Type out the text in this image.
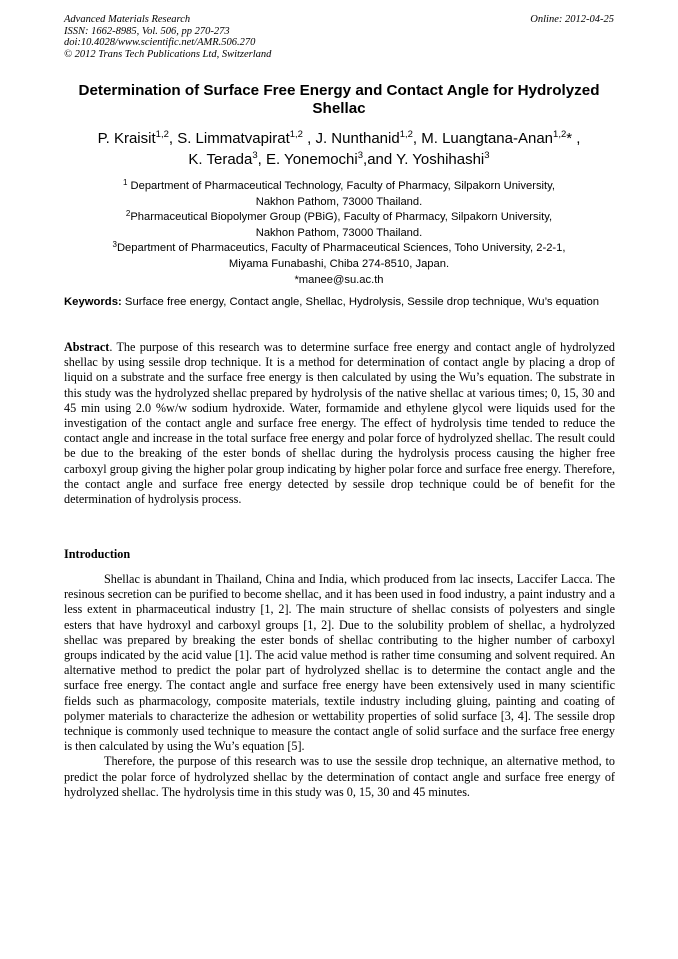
Advanced Materials Research
ISSN: 1662-8985, Vol. 506, pp 270-273
doi:10.4028/www.scientific.net/AMR.506.270
© 2012 Trans Tech Publications Ltd, Switzerland
Online: 2012-04-25
Determination of Surface Free Energy and Contact Angle for Hydrolyzed Shellac
P. Kraisit$^{1,2}$, S. Limmatvapirat$^{1,2}$ , J. Nunthanid$^{1,2}$, M. Luangtana-Anan$^{1,2}$* ,
K. Terada$^3$, E. Yonemochi$^3$,and Y. Yoshihashi$^3$
$^1$ Department of Pharmaceutical Technology, Faculty of Pharmacy, Silpakorn University,
Nakhon Pathom, 73000 Thailand.
$^2$Pharmaceutical Biopolymer Group (PBiG), Faculty of Pharmacy, Silpakorn University,
Nakhon Pathom, 73000 Thailand.
$^3$Department of Pharmaceutics, Faculty of Pharmaceutical Sciences, Toho University, 2-2-1,
Miyama Funabashi, Chiba 274-8510, Japan.
*manee@su.ac.th
Keywords: Surface free energy, Contact angle, Shellac, Hydrolysis, Sessile drop technique, Wu’s equation
Abstract. The purpose of this research was to determine surface free energy and contact angle of hydrolyzed shellac by using sessile drop technique. It is a method for determination of contact angle by placing a drop of liquid on a substrate and the surface free energy is then calculated by using the Wu’s equation. The substrate in this study was the hydrolyzed shellac prepared by hydrolysis of the native shellac at various times; 0, 15, 30 and 45 min using 2.0 %w/w sodium hydroxide. Water, formamide and ethylene glycol were liquids used for the investigation of the contact angle and surface free energy. The effect of hydrolysis time tended to reduce the contact angle and increase in the total surface free energy and polar force of hydrolyzed shellac. The result could be due to the breaking of the ester bonds of shellac during the hydrolysis process causing the higher free carboxyl group giving the higher polar group indicating by higher polar force and surface free energy. Therefore, the contact angle and surface free energy detected by sessile drop technique could be of benefit for the determination of hydrolysis process.
Introduction

Shellac is abundant in Thailand, China and India, which produced from lac insects, Laccifer Lacca. The resinous secretion can be purified to become shellac, and it has been used in food industry, a paint industry and a less extent in pharmaceutical industry [1, 2]. The main structure of shellac consists of polyesters and single esters that have hydroxyl and carboxyl groups [1, 2]. Due to the solubility problem of shellac, a hydrolyzed shellac was prepared by breaking the ester bonds of shellac contributing to the higher number of carboxyl groups indicated by the acid value [1]. The acid value method is rather time consuming and solvent required. An alternative method to predict the polar part of hydrolyzed shellac is to determine the contact angle and the surface free energy. The contact angle and surface free energy have been extensively used in many scientific fields such as pharmacology, composite materials, textile industry including gluing, painting and coating of polymer materials to characterize the adhesion or wettability properties of solid surface [3, 4]. The sessile drop technique is commonly used technique to measure the contact angle of solid surface and the surface free energy is then calculated by using the Wu’s equation [5].

Therefore, the purpose of this research was to use the sessile drop technique, an alternative method, to predict the polar force of hydrolyzed shellac by the determination of contact angle and surface free energy of hydrolyzed shellac. The hydrolysis time in this study was 0, 15, 30 and 45 minutes.
